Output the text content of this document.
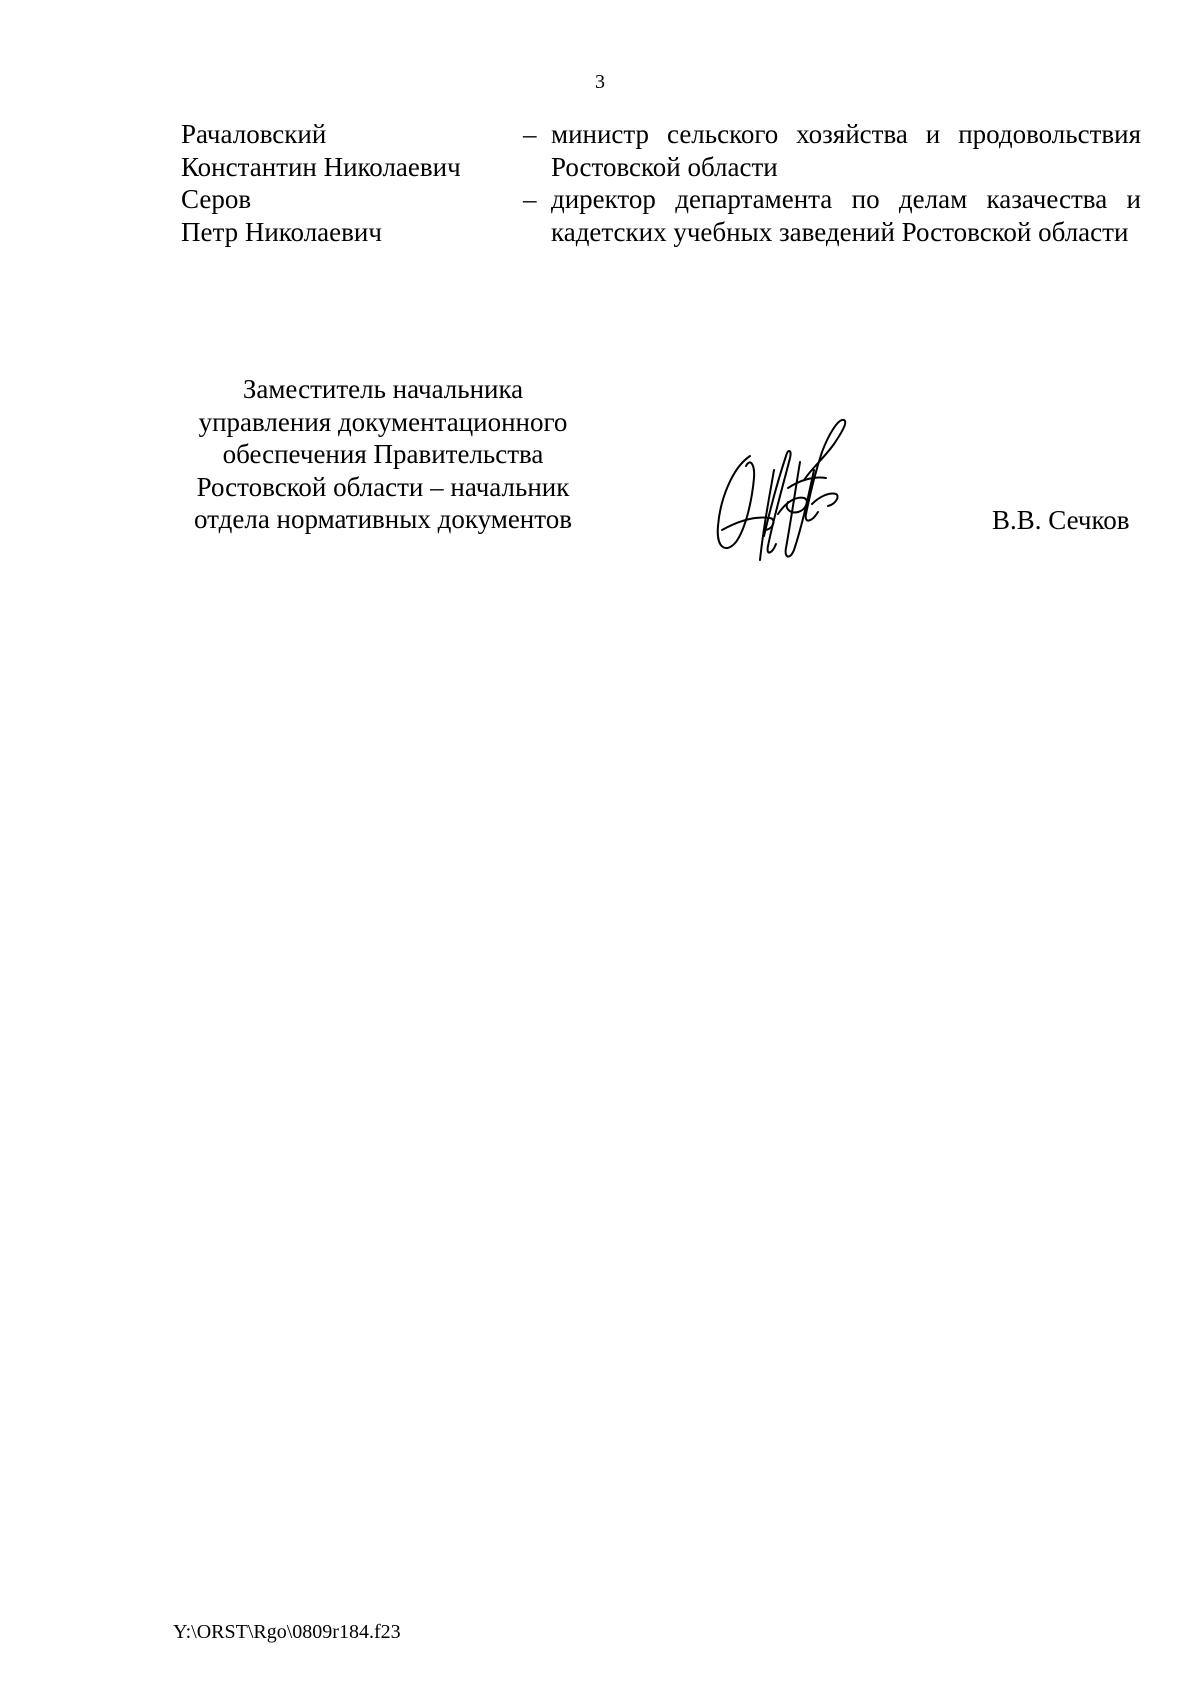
3
Рачаловский
Константин Николаевич
– министр сельского хозяйства и продовольствия Ростовской области
Серов
Петр Николаевич
– директор департамента по делам казачества и кадетских учебных заведений Ростовской области
Заместитель начальника
управления документационного
обеспечения Правительства
Ростовской области – начальник
отдела нормативных документов	В.В. Сечков
Y:\ORST\Rgo\0809r184.f23
